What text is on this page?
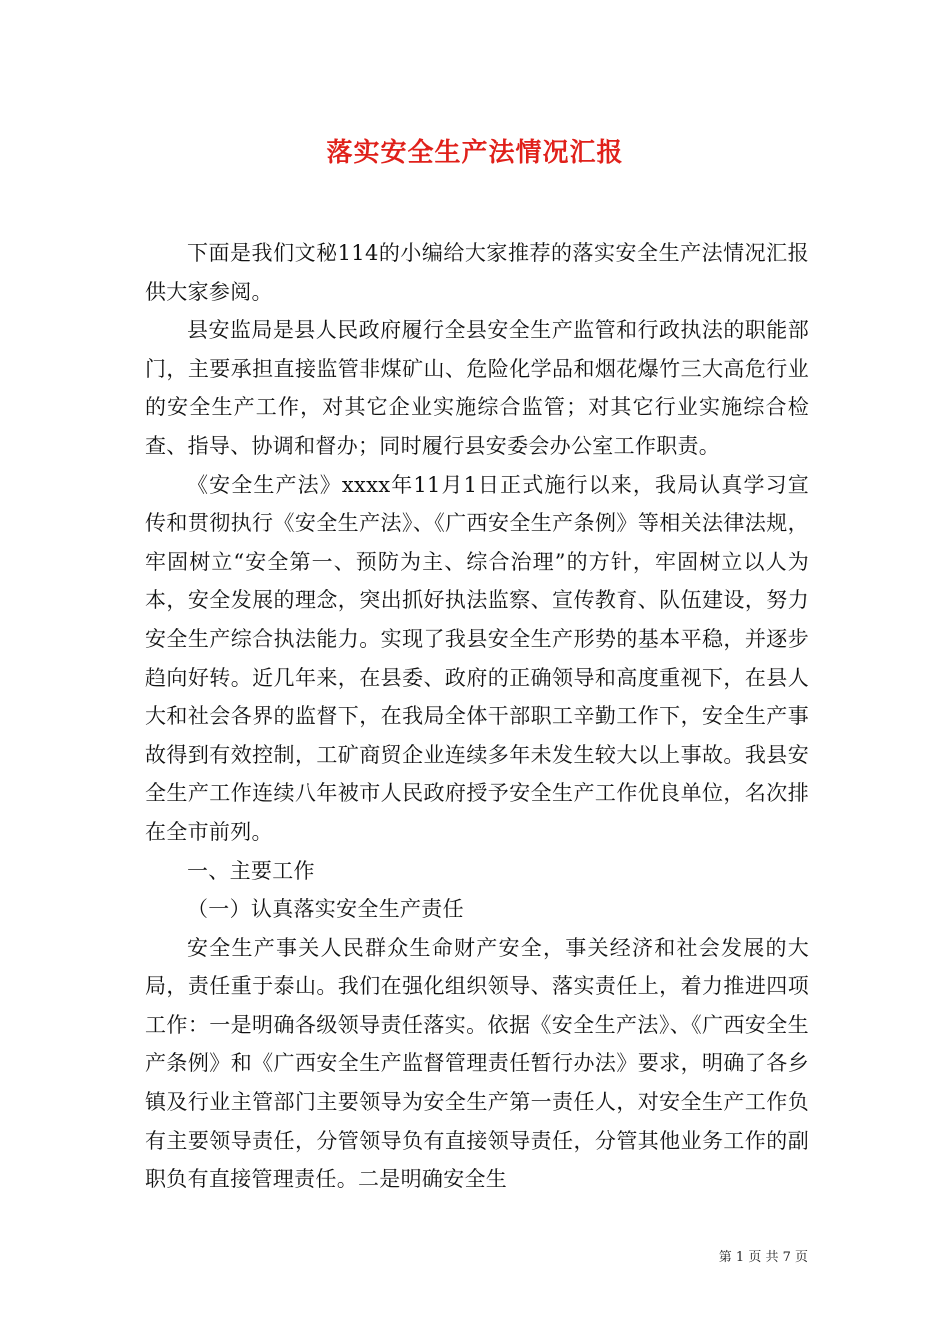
落实安全生产法情况汇报

下面是我们文秘114的小编给大家推荐的落实安全生产法情况汇报供大家参阅。

县安监局是县人民政府履行全县安全生产监管和行政执法的职能部门，主要承担直接监管非煤矿山、危险化学品和烟花爆竹三大高危行业的安全生产工作，对其它企业实施综合监管；对其它行业实施综合检查、指导、协调和督办；同时履行县安委会办公室工作职责。

《安全生产法》xxxx年11月1日正式施行以来，我局认真学习宣传和贯彻执行《安全生产法》、《广西安全生产条例》等相关法律法规，牢固树立“安全第一、预防为主、综合治理”的方针，牢固树立以人为本，安全发展的理念，突出抓好执法监察、宣传教育、队伍建设，努力安全生产综合执法能力。实现了我县安全生产形势的基本平稳，并逐步趋向好转。近几年来，在县委、政府的正确领导和高度重视下，在县人大和社会各界的监督下，在我局全体干部职工辛勤工作下，安全生产事故得到有效控制，工矿商贸企业连续多年未发生较大以上事故。我县安全生产工作连续八年被市人民政府授予安全生产工作优良单位，名次排在全市前列。

一、主要工作

（一）认真落实安全生产责任

安全生产事关人民群众生命财产安全，事关经济和社会发展的大局，责任重于泰山。我们在强化组织领导、落实责任上，着力推进四项工作：一是明确各级领导责任落实。依据《安全生产法》、《广西安全生产条例》和《广西安全生产监督管理责任暂行办法》要求，明确了各乡镇及行业主管部门主要领导为安全生产第一责任人，对安全生产工作负有主要领导责任，分管领导负有直接领导责任，分管其他业务工作的副职负有直接管理责任。二是明确安全生

第 1 页 共 7 页
